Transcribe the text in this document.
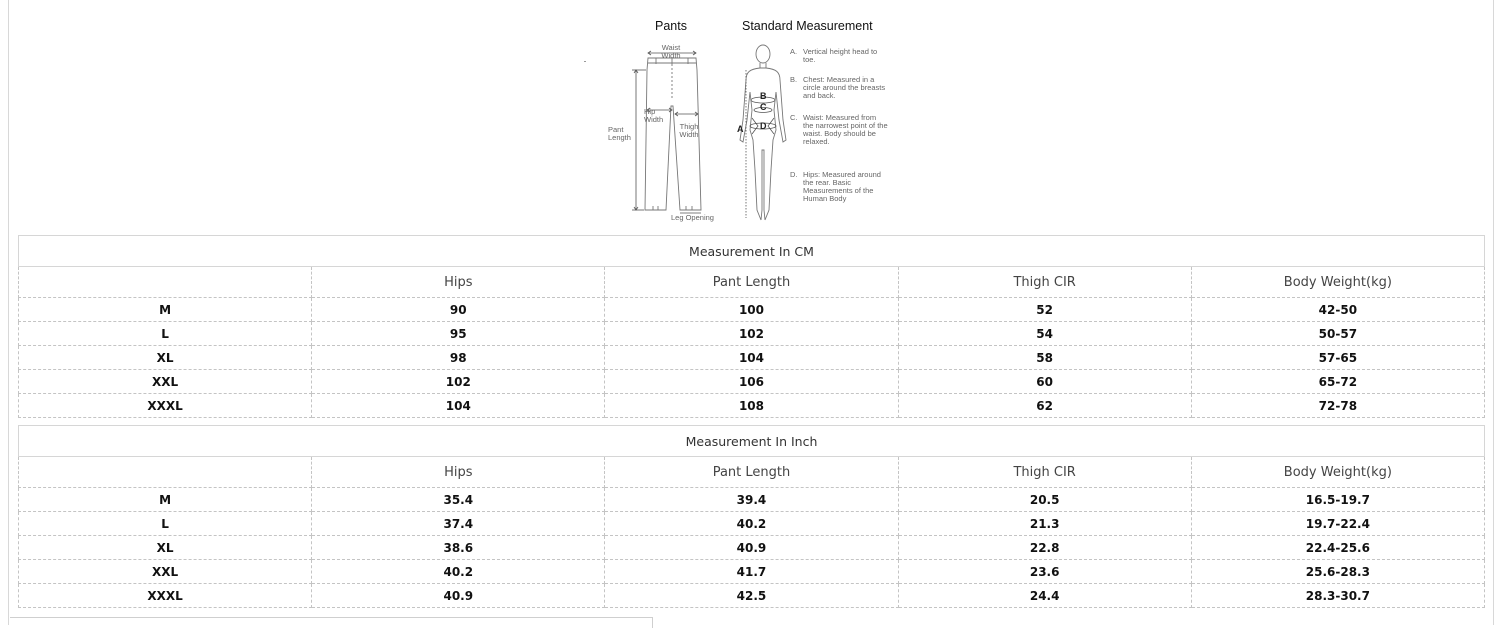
Pants	Standard Measurement
Waist Width
Pant Length
Hip Width
Thigh Width
Leg Opening
A
B
C
D
A. Vertical height head to toe.
B. Chest: Measured in a circle around the breasts and back.
C. Waist: Measured from the narrowest point of the waist. Body should be relaxed.
D. Hips: Measured around the rear. Basic Measurements of the Human Body
Measurement In CM				
	Hips	Pant Length	Thigh CIR	Body Weight(kg)
M	90	100	52	42-50
L	95	102	54	50-57
XL	98	104	58	57-65
XXL	102	106	60	65-72
XXXL	104	108	62	72-78
Measurement In Inch				
	Hips	Pant Length	Thigh CIR	Body Weight(kg)
M	35.4	39.4	20.5	16.5-19.7
L	37.4	40.2	21.3	19.7-22.4
XL	38.6	40.9	22.8	22.4-25.6
XXL	40.2	41.7	23.6	25.6-28.3
XXXL	40.9	42.5	24.4	28.3-30.7
